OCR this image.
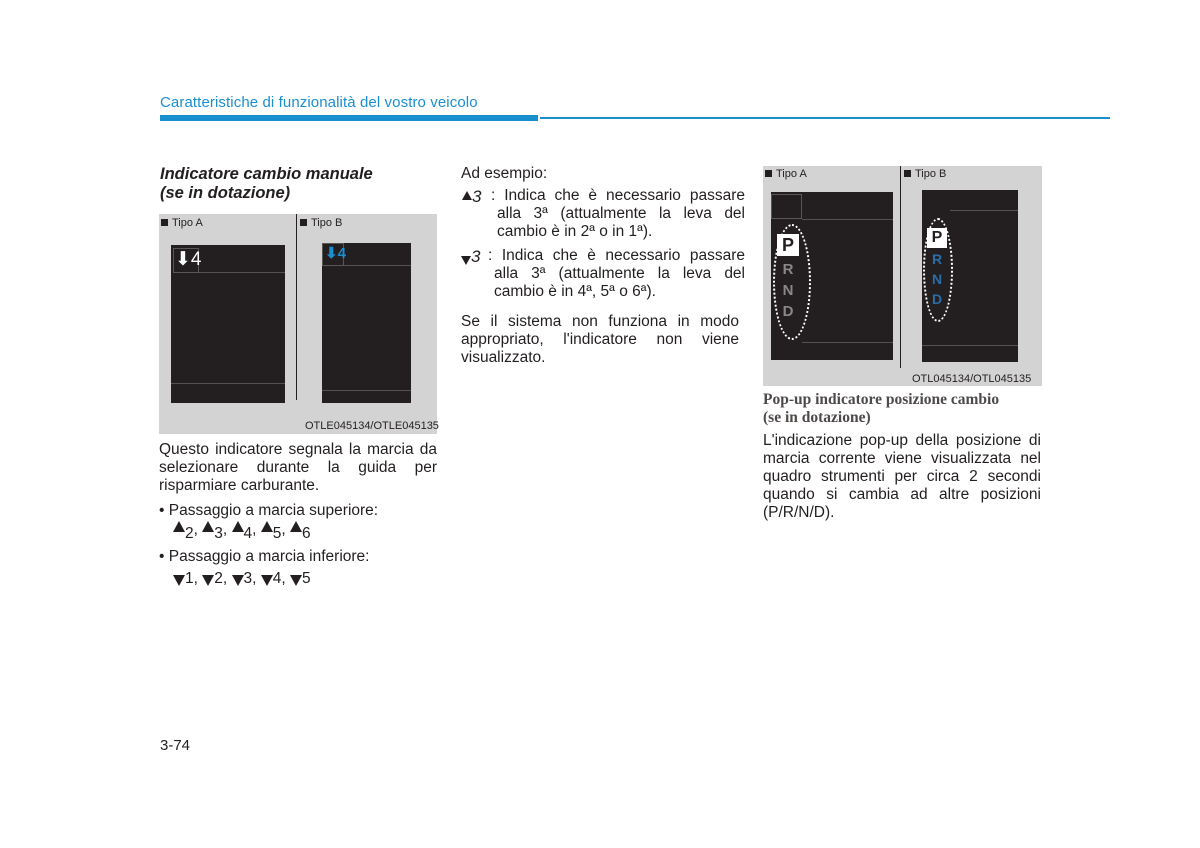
Caratteristiche di funzionalità del vostro veicolo
Indicatore cambio manuale
(se in dotazione)
Tipo A	Tipo B
⬇4	⬇4
OTLE045134/OTLE045135
Questo indicatore segnala la marcia da selezionare durante la guida per risparmiare carburante.
• Passaggio a marcia superiore:
2, 3, 4, 5, 6
• Passaggio a marcia inferiore:
1, 2, 3, 4, 5
Ad esempio:
3 : Indica che è necessario passare alla 3ª (attualmente la leva del cambio è in 2ª o in 1ª).
3 : Indica che è necessario passare alla 3ª (attualmente la leva del cambio è in 4ª, 5ª o 6ª).
Se il sistema non funziona in modo appropriato, l'indicatore non viene visualizzato.
Tipo A	Tipo B
P
R
N
D
P
R
N
D
OTL045134/OTL045135
Pop-up indicatore posizione cambio
(se in dotazione)
L'indicazione pop-up della posizione di marcia corrente viene visualizzata nel quadro strumenti per circa 2 secondi quando si cambia ad altre posizioni (P/R/N/D).
3-74
